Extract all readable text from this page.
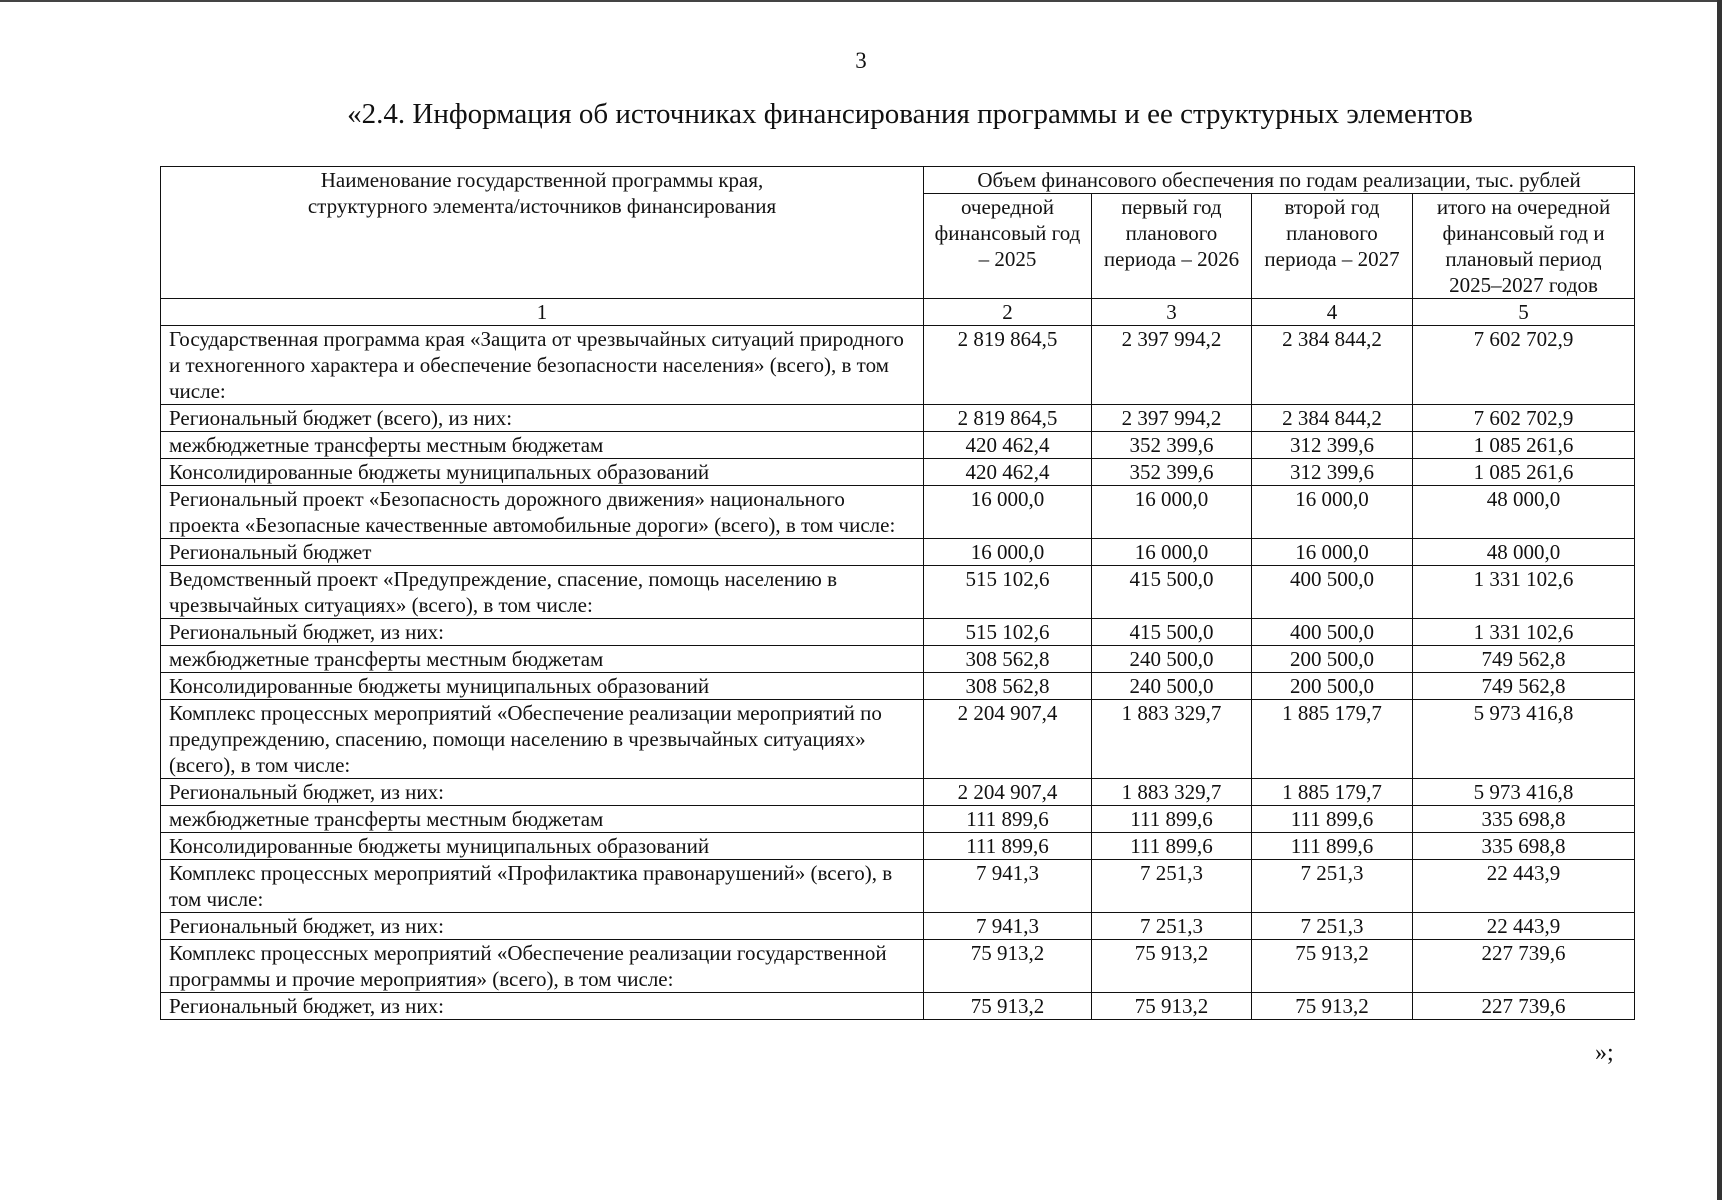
3
«2.4. Информация об источниках финансирования программы и ее структурных элементов
Наименование государственной программы края, структурного элемента/источников финансирования	Объем финансового обеспечения по годам реализации, тыс. рублей			
	очередной финансовый год – 2025	первый год планового периода – 2026	второй год планового периода – 2027	итого на очередной финансовый год и плановый период 2025–2027 годов
1	2	3	4	5
Государственная программа края «Защита от чрезвычайных ситуаций природного и техногенного характера и обеспечение безопасности населения» (всего), в том числе:	2 819 864,5	2 397 994,2	2 384 844,2	7 602 702,9
Региональный бюджет (всего), из них:	2 819 864,5	2 397 994,2	2 384 844,2	7 602 702,9
межбюджетные трансферты местным бюджетам	420 462,4	352 399,6	312 399,6	1 085 261,6
Консолидированные бюджеты муниципальных образований	420 462,4	352 399,6	312 399,6	1 085 261,6
Региональный проект «Безопасность дорожного движения» национального проекта «Безопасные качественные автомобильные дороги» (всего), в том числе:	16 000,0	16 000,0	16 000,0	48 000,0
Региональный бюджет	16 000,0	16 000,0	16 000,0	48 000,0
Ведомственный проект «Предупреждение, спасение, помощь населению в чрезвычайных ситуациях» (всего), в том числе:	515 102,6	415 500,0	400 500,0	1 331 102,6
Региональный бюджет, из них:	515 102,6	415 500,0	400 500,0	1 331 102,6
межбюджетные трансферты местным бюджетам	308 562,8	240 500,0	200 500,0	749 562,8
Консолидированные бюджеты муниципальных образований	308 562,8	240 500,0	200 500,0	749 562,8
Комплекс процессных мероприятий «Обеспечение реализации мероприятий по предупреждению, спасению, помощи населению в чрезвычайных ситуациях» (всего), в том числе:	2 204 907,4	1 883 329,7	1 885 179,7	5 973 416,8
Региональный бюджет, из них:	2 204 907,4	1 883 329,7	1 885 179,7	5 973 416,8
межбюджетные трансферты местным бюджетам	111 899,6	111 899,6	111 899,6	335 698,8
Консолидированные бюджеты муниципальных образований	111 899,6	111 899,6	111 899,6	335 698,8
Комплекс процессных мероприятий «Профилактика правонарушений» (всего), в том числе:	7 941,3	7 251,3	7 251,3	22 443,9
Региональный бюджет, из них:	7 941,3	7 251,3	7 251,3	22 443,9
Комплекс процессных мероприятий «Обеспечение реализации государственной программы и прочие мероприятия» (всего), в том числе:	75 913,2	75 913,2	75 913,2	227 739,6
Региональный бюджет, из них:	75 913,2	75 913,2	75 913,2	227 739,6
»;
